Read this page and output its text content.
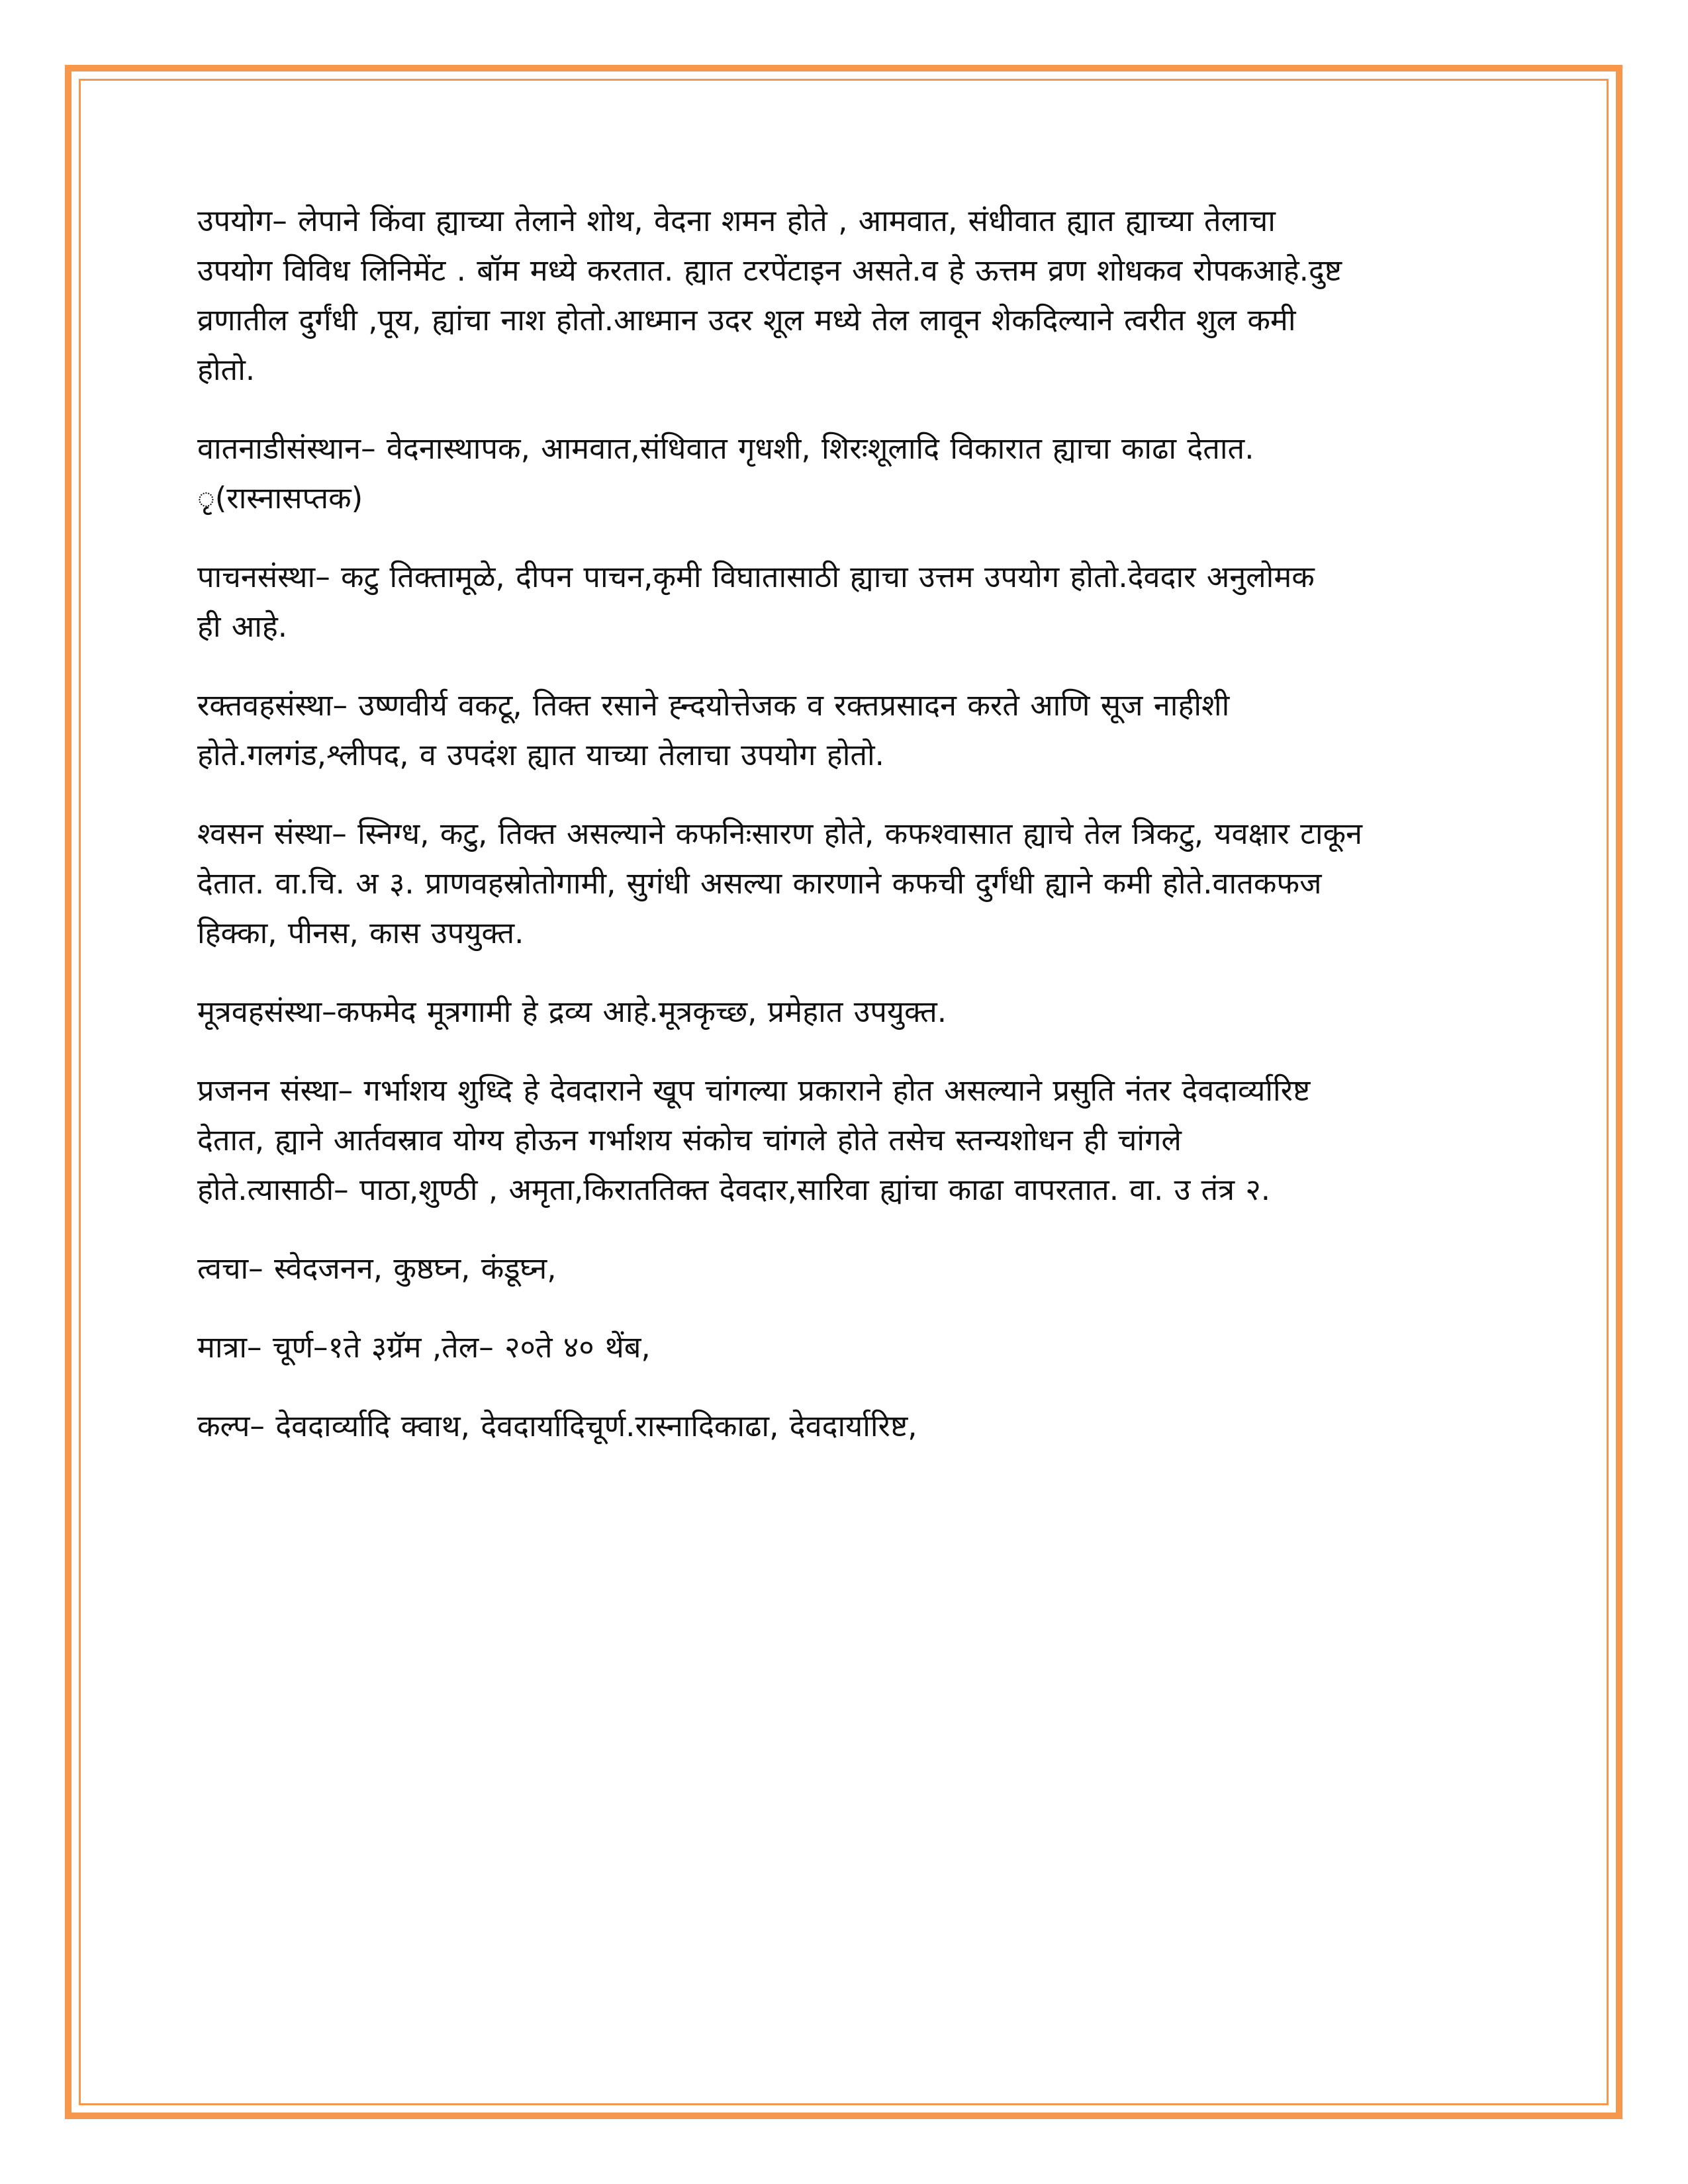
उपयोग– लेपाने किंवा ह्याच्या तेलाने शोथ, वेदना शमन होते , आमवात, संधीवात ह्यात ह्याच्या तेलाचा
उपयोग विविध लिनिमेंट . बॉम मध्ये करतात. ह्यात टरपेंटाइन असते.व हे ऊत्तम व्रण शोधकव रोपकआहे.दुष्ट
व्रणातील दुर्गंधी ,पूय, ह्यांचा नाश होतो.आध्मान उदर शूल मध्ये तेल लावून शेकदिल्याने त्वरीत शुल कमी
होतो.

वातनाडीसंस्थान– वेदनास्थापक, आमवात,संधिवात गृधशी, शिरःशूलादि विकारात ह्याचा काढा देतात.
ृ(रास्नासप्तक)

पाचनसंस्था– कटु तिक्तामूळे, दीपन पाचन,कृमी विघातासाठी ह्याचा उत्तम उपयोग होतो.देवदार अनुलोमक
ही आहे.

रक्तवहसंस्था– उष्णवीर्य वकटू, तिक्त रसाने ह्न्दयोत्तेजक व रक्तप्रसादन करते आणि सूज नाहीशी
होते.गलगंड,श्लीपद, व उपदंश ह्यात याच्या तेलाचा उपयोग होतो.

श्वसन संस्था– स्निग्ध, कटु, तिक्त असल्याने कफनिःसारण होते, कफश्वासात ह्याचे तेल त्रिकटु, यवक्षार टाकून
देतात. वा.चि. अ ३. प्राणवहस्रोतोगामी, सुगंधी असल्या कारणाने कफची दुर्गंधी ह्याने कमी होते.वातकफज
हिक्का, पीनस, कास उपयुक्त.

मूत्रवहसंस्था–कफमेद मूत्रगामी हे द्रव्य आहे.मूत्रकृच्छ, प्रमेहात उपयुक्त.

प्रजनन संस्था– गर्भाशय शुध्दि हे देवदाराने खूप चांगल्या प्रकाराने होत असल्याने प्रसुति नंतर देवदार्व्यारिष्ट
देतात, ह्याने आर्तवस्राव योग्य होऊन गर्भाशय संकोच चांगले होते तसेच स्तन्यशोधन ही चांगले
होते.त्यासाठी– पाठा,शुण्ठी , अमृता,किराततिक्त देवदार,सारिवा ह्यांचा काढा वापरतात. वा. उ तंत्र २.

त्वचा– स्वेदजनन, कुष्ठघ्न, कंडूघ्न,

मात्रा– चूर्ण–१ते ३ग्रॅम ,तेल– २०ते ४० थेंब,

कल्प– देवदार्व्यादि क्वाथ, देवदार्यादिचूर्ण.रास्नादिकाढा, देवदार्यारिष्ट,
